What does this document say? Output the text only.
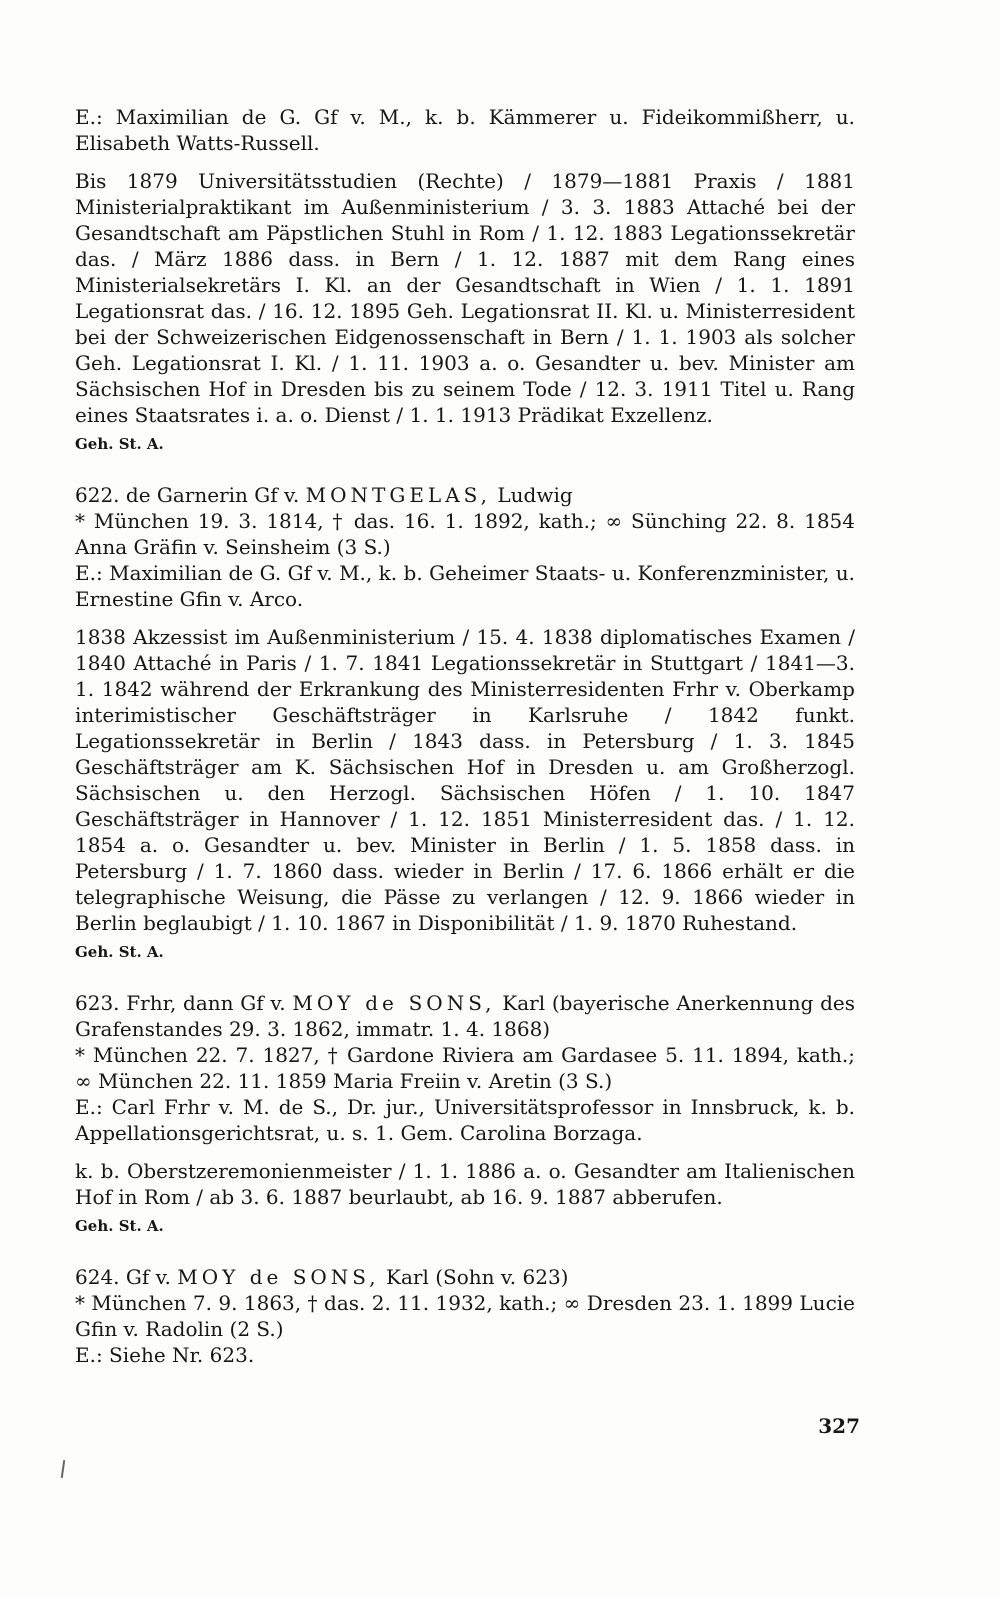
E.: Maximilian de G. Gf v. M., k. b. Kämmerer u. Fideikommißherr, u. Elisabeth Watts-Russell.

Bis 1879 Universitätsstudien (Rechte) / 1879—1881 Praxis / 1881 Ministerialpraktikant im Außenministerium / 3. 3. 1883 Attaché bei der Gesandtschaft am Päpstlichen Stuhl in Rom / 1. 12. 1883 Legationssekretär das. / März 1886 dass. in Bern / 1. 12. 1887 mit dem Rang eines Ministerialsekretärs I. Kl. an der Gesandtschaft in Wien / 1. 1. 1891 Legationsrat das. / 16. 12. 1895 Geh. Legationsrat II. Kl. u. Ministerresident bei der Schweizerischen Eidgenossenschaft in Bern / 1. 1. 1903 als solcher Geh. Legationsrat I. Kl. / 1. 11. 1903 a. o. Gesandter u. bev. Minister am Sächsischen Hof in Dresden bis zu seinem Tode / 12. 3. 1911 Titel u. Rang eines Staatsrates i. a. o. Dienst / 1. 1. 1913 Prädikat Exzellenz.

Geh. St. A.

622. de Garnerin Gf v. MONTGELAS, Ludwig

* München 19. 3. 1814, † das. 16. 1. 1892, kath.; ∞ Sünching 22. 8. 1854 Anna Gräfin v. Seinsheim (3 S.)

E.: Maximilian de G. Gf v. M., k. b. Geheimer Staats- u. Konferenzminister, u. Ernestine Gfin v. Arco.

1838 Akzessist im Außenministerium / 15. 4. 1838 diplomatisches Examen / 1840 Attaché in Paris / 1. 7. 1841 Legationssekretär in Stuttgart / 1841—3. 1. 1842 während der Erkrankung des Ministerresidenten Frhr v. Oberkamp interimistischer Geschäftsträger in Karlsruhe / 1842 funkt. Legationssekretär in Berlin / 1843 dass. in Petersburg / 1. 3. 1845 Geschäftsträger am K. Sächsischen Hof in Dresden u. am Großherzogl. Sächsischen u. den Herzogl. Sächsischen Höfen / 1. 10. 1847 Geschäftsträger in Hannover / 1. 12. 1851 Ministerresident das. / 1. 12. 1854 a. o. Gesandter u. bev. Minister in Berlin / 1. 5. 1858 dass. in Petersburg / 1. 7. 1860 dass. wieder in Berlin / 17. 6. 1866 erhält er die telegraphische Weisung, die Pässe zu verlangen / 12. 9. 1866 wieder in Berlin beglaubigt / 1. 10. 1867 in Disponibilität / 1. 9. 1870 Ruhestand.

Geh. St. A.

623. Frhr, dann Gf v. MOY de SONS, Karl (bayerische Anerkennung des Grafenstandes 29. 3. 1862, immatr. 1. 4. 1868)

* München 22. 7. 1827, † Gardone Riviera am Gardasee 5. 11. 1894, kath.; ∞ München 22. 11. 1859 Maria Freiin v. Aretin (3 S.)

E.: Carl Frhr v. M. de S., Dr. jur., Universitätsprofessor in Innsbruck, k. b. Appellationsgerichtsrat, u. s. 1. Gem. Carolina Borzaga.

k. b. Oberstzeremonienmeister / 1. 1. 1886 a. o. Gesandter am Italienischen Hof in Rom / ab 3. 6. 1887 beurlaubt, ab 16. 9. 1887 abberufen.

Geh. St. A.

624. Gf v. MOY de SONS, Karl (Sohn v. 623)

* München 7. 9. 1863, † das. 2. 11. 1932, kath.; ∞ Dresden 23. 1. 1899 Lucie Gfin v. Radolin (2 S.)

E.: Siehe Nr. 623.

327
